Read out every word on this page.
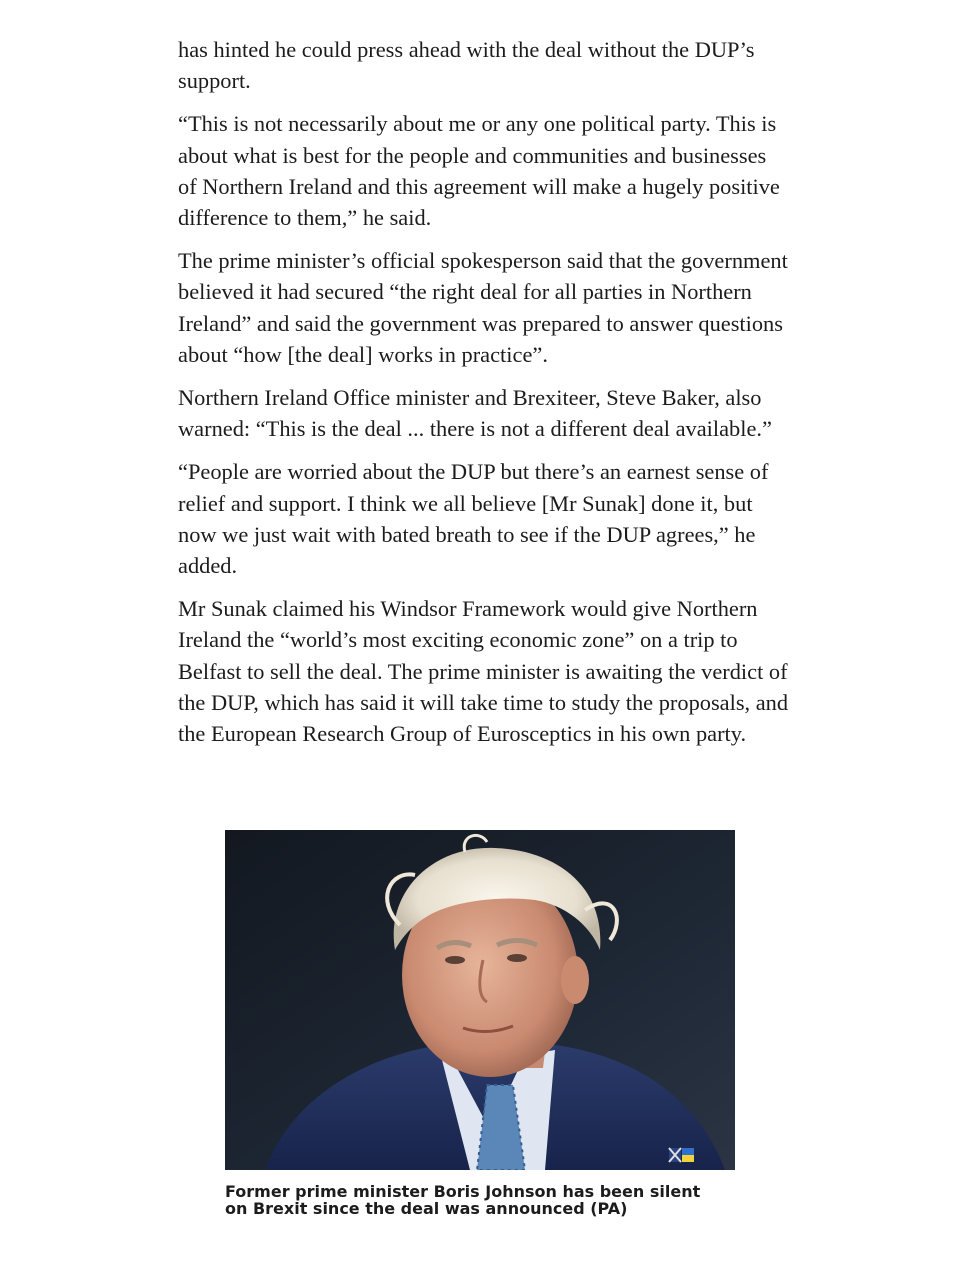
has hinted he could press ahead with the deal without the DUP’s support.

“This is not necessarily about me or any one political party. This is about what is best for the people and communities and businesses of Northern Ireland and this agreement will make a hugely positive difference to them,” he said.

The prime minister’s official spokesperson said that the government believed it had secured “the right deal for all parties in Northern Ireland” and said the government was prepared to answer questions about “how [the deal] works in practice”.

Northern Ireland Office minister and Brexiteer, Steve Baker, also warned: “This is the deal ... there is not a different deal available.”

“People are worried about the DUP but there’s an earnest sense of relief and support. I think we all believe [Mr Sunak] done it, but now we just wait with bated breath to see if the DUP agrees,” he added.

Mr Sunak claimed his Windsor Framework would give Northern Ireland the “world’s most exciting economic zone” on a trip to Belfast to sell the deal. The prime minister is awaiting the verdict of the DUP, which has said it will take time to study the proposals, and the European Research Group of Eurosceptics in his own party.

Former prime minister Boris Johnson has been silent on Brexit since the deal was announced (PA)
